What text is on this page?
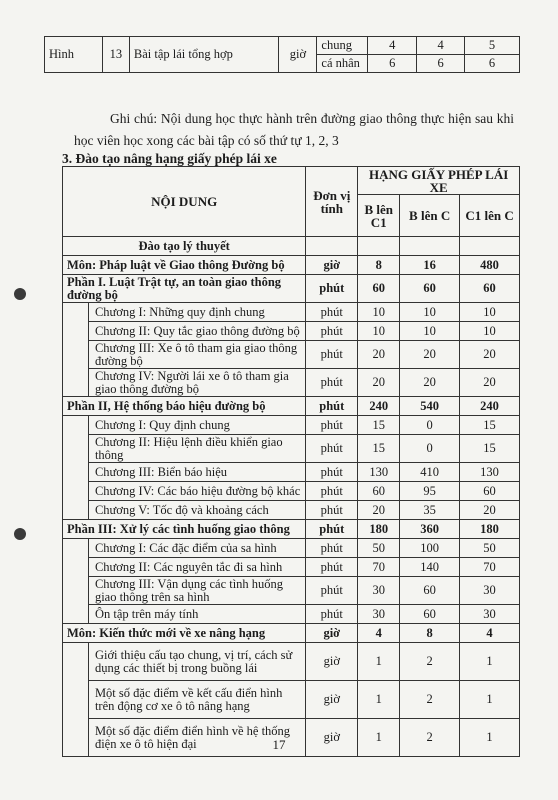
Hình	13	Bài tập lái tổng hợp	giờ	chung	4	4	5
				cá nhân	6	6	6
Ghi chú: Nội dung học thực hành trên đường giao thông thực hiện sau khi học viên học xong các bài tập có số thứ tự 1, 2, 3
3. Đào tạo nâng hạng giấy phép lái xe
NỘI DUNG		Đơn vị tính	HẠNG GIẤY PHÉP LÁI XE		
			B lên C1	B lên C	C1 lên C
Đào tạo lý thuyết					
Môn: Pháp luật về Giao thông Đường bộ		giờ	8	16	480
Phần I. Luật Trật tự, an toàn giao thông đường bộ		phút	60	60	60
	Chương I: Những quy định chung	phút	10	10	10
	Chương II: Quy tắc giao thông đường bộ	phút	10	10	10
	Chương III: Xe ô tô tham gia giao thông đường bộ	phút	20	20	20
	Chương IV: Người lái xe ô tô tham gia giao thông đường bộ	phút	20	20	20
Phần II, Hệ thống báo hiệu đường bộ		phút	240	540	240
	Chương I: Quy định chung	phút	15	0	15
	Chương II: Hiệu lệnh điều khiển giao thông	phút	15	0	15
	Chương III: Biển báo hiệu	phút	130	410	130
	Chương IV: Các báo hiệu đường bộ khác	phút	60	95	60
	Chương V: Tốc độ và khoảng cách	phút	20	35	20
Phần III: Xử lý các tình huống giao thông		phút	180	360	180
	Chương I: Các đặc điểm của sa hình	phút	50	100	50
	Chương II: Các nguyên tắc đi sa hình	phút	70	140	70
	Chương III: Vận dụng các tình huống giao thông trên sa hình	phút	30	60	30
	Ôn tập trên máy tính	phút	30	60	30
Môn: Kiến thức mới về xe nâng hạng		giờ	4	8	4
	Giới thiệu cấu tạo chung, vị trí, cách sử dụng các thiết bị trong buồng lái	giờ	1	2	1
	Một số đặc điểm về kết cấu điển hình trên động cơ xe ô tô nâng hạng	giờ	1	2	1
	Một số đặc điểm điển hình về hệ thống điện xe ô tô hiện đại	giờ	1	2	1
17
